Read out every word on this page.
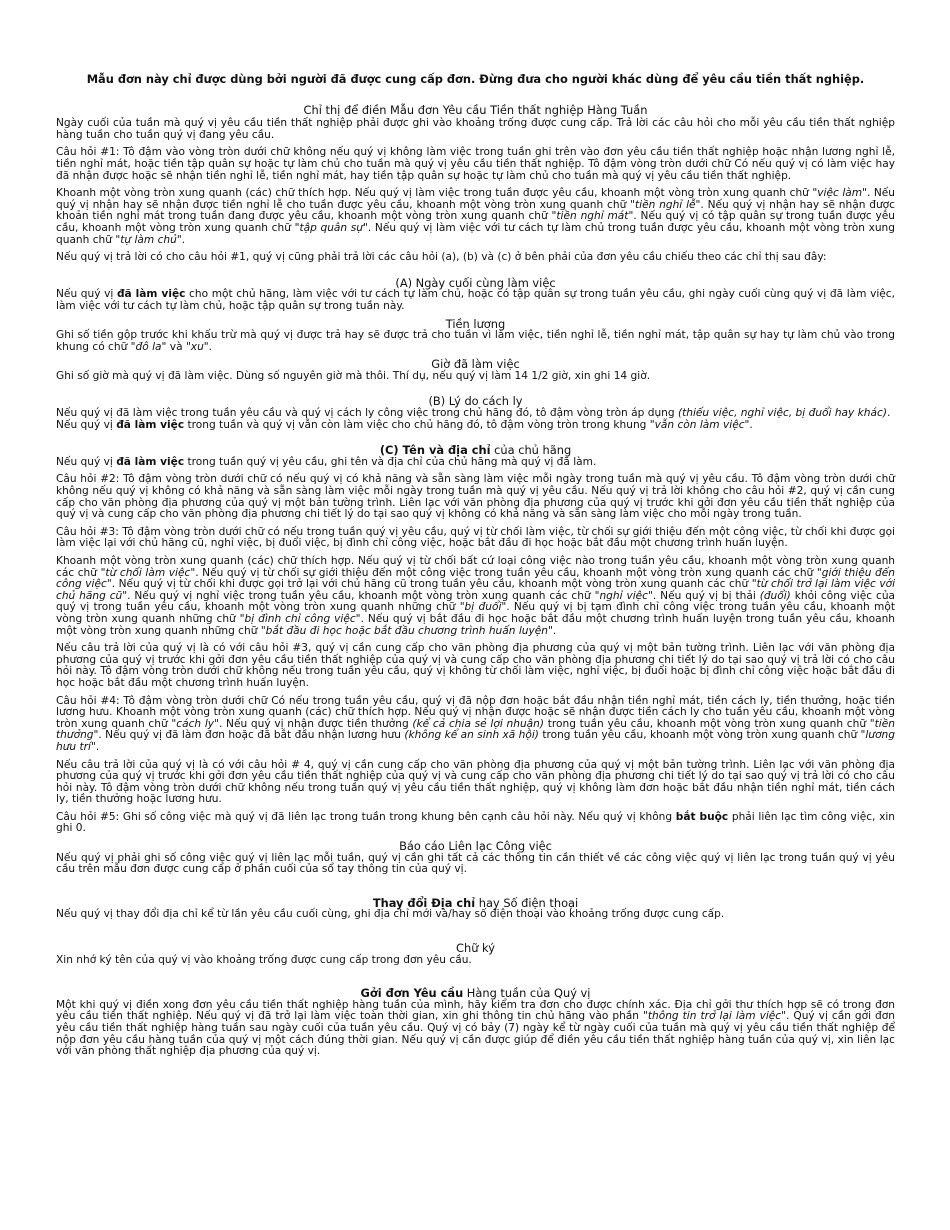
Mẫu đơn này chỉ được dùng bởi người đã được cung cấp đơn. Đừng đưa cho người khác dùng để yêu cầu tiền thất nghiệp.
Chỉ thị để điền Mẫu đơn Yêu cầu Tiền thất nghiệp Hàng Tuần

Ngày cuối của tuần mà quý vị yêu cầu tiền thất nghiệp phải được ghi vào khoảng trống được cung cấp. Trả lời các câu hỏi cho mỗi yêu cầu tiền thất nghiệp hàng tuần cho tuần quý vị đang yêu cầu.

Câu hỏi #1: Tô đậm vào vòng tròn dưới chữ không nếu quý vị không làm việc trong tuần ghi trên vào đơn yêu cầu tiền thất nghiệp hoặc nhận lương nghỉ lễ, tiền nghỉ mát, hoặc tiền tập quân sự hoặc tự làm chủ cho tuần mà quý vị yêu cầu tiền thất nghiệp. Tô đậm vòng tròn dưới chữ Có nếu quý vị có làm việc hay đã nhận được hoặc sẽ nhận tiền nghỉ lễ, tiền nghỉ mát, hay tiền tập quân sự hoặc tự làm chủ cho tuần mà quý vị yêu cầu tiền thất nghiệp.

Khoanh một vòng tròn xung quanh (các) chữ thích hợp. Nếu quý vị làm việc trong tuần được yêu cầu, khoanh một vòng tròn xung quanh chữ "việc làm". Nếu quý vị nhận hay sẽ nhận được tiền nghỉ lễ cho tuần được yêu cầu, khoanh một vòng tròn xung quanh chữ "tiền nghỉ lễ". Nếu quý vị nhận hay sẽ nhận được khoản tiền nghỉ mát trong tuần đang được yêu cầu, khoanh một vòng tròn xung quanh chữ "tiền nghỉ mát". Nếu quý vị có tập quân sự trong tuần được yêu cầu, khoanh một vòng tròn xung quanh chữ "tập quân sự". Nếu quý vị làm việc với tư cách tự làm chủ trong tuần được yêu cầu, khoanh một vòng tròn xung quanh chữ "tự làm chủ".

Nếu quý vị trả lời có cho câu hỏi #1, quý vị cũng phải trả lời các câu hỏi (a), (b) và (c) ở bên phải của đơn yêu cầu chiếu theo các chỉ thị sau đây:

(A) Ngày cuối cùng làm việc

Nếu quý vị đã làm việc cho một chủ hãng, làm việc với tư cách tự làm chủ, hoặc có tập quân sự trong tuần yêu cầu, ghi ngày cuối cùng quý vị đã làm việc, làm việc với tư cách tự làm chủ, hoặc tập quân sự trong tuần này.

Tiền lương

Ghi số tiền gộp trước khi khấu trừ mà quý vị được trả hay sẽ được trả cho tuần vì làm việc, tiền nghỉ lễ, tiền nghỉ mát, tập quân sự hay tự làm chủ vào trong khung có chữ "đô la" và "xu".

Giờ đã làm việc

Ghi số giờ mà quý vị đã làm việc. Dùng số nguyên giờ mà thôi. Thí dụ, nếu quý vị làm 14 1/2 giờ, xin ghi 14 giờ.

(B) Lý do cách ly

Nếu quý vị đã làm việc trong tuần yêu cầu và quý vị cách ly công việc trong chủ hãng đó, tô đậm vòng tròn áp dụng (thiếu việc, nghỉ việc, bị đuổi hay khác).
Nếu quý vị đã làm việc trong tuần và quý vị vẫn còn làm việc cho chủ hãng đó, tô đậm vòng tròn trong khung "vẫn còn làm việc".

(C) Tên và địa chỉ của chủ hãng

Nếu quý vị đã làm việc trong tuần quý vị yêu cầu, ghi tên và địa chỉ của chủ hãng mà quý vị đã làm.

Câu hỏi #2: Tô đậm vòng tròn dưới chữ có nếu quý vị có khả năng và sẵn sàng làm việc mỗi ngày trong tuần mà quý vị yêu cầu. Tô đậm vòng tròn dưới chữ không nếu quý vị không có khả năng và sẵn sàng làm việc mỗi ngày trong tuần mà quý vị yêu cầu. Nếu quý vị trả lời không cho câu hỏi #2, quý vị cần cung cấp cho văn phòng địa phương của quý vị một bản tường trình. Liên lạc với văn phòng địa phương của quý vị trước khi gởi đơn yêu cầu tiền thất nghiệp của quý vị và cung cấp cho văn phòng địa phương chi tiết lý do tại sao quý vị không có khả năng và sẵn sàng làm việc cho mỗi ngày trong tuần.

Câu hỏi #3: Tô đậm vòng tròn dưới chữ có nếu trong tuần quý vị yêu cầu, quý vị từ chối làm việc, từ chối sự giới thiệu đến một công việc, từ chối khi được gọi làm việc lại với chủ hãng cũ, nghỉ việc, bị đuổi việc, bị đình chỉ công việc, hoặc bắt đầu đi học hoặc bắt đầu một chương trình huấn luyện.

Khoanh một vòng tròn xung quanh (các) chữ thích hợp. Nếu quý vị từ chối bất cứ loại công việc nào trong tuần yêu cầu, khoanh một vòng tròn xung quanh các chữ "từ chối làm việc". Nếu quý vị từ chối sự giới thiệu đến một công việc trong tuần yêu cầu, khoanh một vòng tròn xung quanh các chữ "giới thiệu đến công việc". Nếu quý vị từ chối khi được gọi trở lại với chủ hãng cũ trong tuần yêu cầu, khoanh một vòng tròn xung quanh các chữ "từ chối trở lại làm việc với chủ hãng cũ". Nếu quý vị nghỉ việc trong tuần yêu cầu, khoanh một vòng tròn xung quanh các chữ "nghỉ việc". Nếu quý vị bị thải (đuổi) khỏi công việc của quý vị trong tuần yêu cầu, khoanh một vòng tròn xung quanh những chữ "bị đuổi". Nếu quý vị bị tạm đình chỉ công việc trong tuần yêu cầu, khoanh một vòng tròn xung quanh những chữ "bị đình chỉ công việc". Nếu quý vị bắt đầu đi học hoặc bắt đầu một chương trình huấn luyện trong tuần yêu cầu, khoanh một vòng tròn xung quanh những chữ "bắt đầu đi học hoặc bắt đầu chương trình huấn luyện".

Nếu câu trả lời của quý vị là có với câu hỏi #3, quý vị cần cung cấp cho văn phòng địa phương của quý vị một bản tường trình. Liên lạc với văn phòng địa phương của quý vị trước khi gởi đơn yêu cầu tiền thất nghiệp của quý vị và cung cấp cho văn phòng địa phương chi tiết lý do tại sao quý vị trả lời có cho câu hỏi này. Tô đậm vòng tròn dưới chữ không nếu trong tuần yêu cầu, quý vị không từ chối làm việc, nghỉ việc, bị đuổi hoặc bị đình chỉ công việc hoặc bắt đầu đi học hoặc bắt đầu một chương trình huấn luyện.

Câu hỏi #4: Tô đậm vòng tròn dưới chữ Có nếu trong tuần yêu cầu, quý vị đã nộp đơn hoặc bắt đầu nhận tiền nghỉ mát, tiền cách ly, tiền thưởng, hoặc tiền lương hưu. Khoanh một vòng tròn xung quanh (các) chữ thích hợp. Nếu quý vị nhận được hoặc sẽ nhận được tiền cách ly cho tuần yêu cầu, khoanh một vòng tròn xung quanh chữ "cách ly". Nếu quý vị nhận được tiền thưởng (kể cả chia sẻ lợi nhuận) trong tuần yêu cầu, khoanh một vòng tròn xung quanh chữ "tiền thưởng". Nếu quý vị đã làm đơn hoặc đã bắt đầu nhận lương hưu (không kể an sinh xã hội) trong tuần yêu cầu, khoanh một vòng tròn xung quanh chữ "lương hưu trí".

Nếu câu trả lời của quý vị là có với câu hỏi # 4, quý vị cần cung cấp cho văn phòng địa phương của quý vị một bản tường trình. Liên lạc với văn phòng địa phương của quý vị trước khi gởi đơn yêu cầu tiền thất nghiệp của quý vị và cung cấp cho văn phòng địa phương chi tiết lý do tại sao quý vị trả lời có cho câu hỏi này. Tô đậm vòng tròn dưới chữ không nếu trong tuần quý vị yêu cầu tiền thất nghiệp, quý vị không làm đơn hoặc bắt đầu nhận tiền nghỉ mát, tiền cách ly, tiền thưởng hoặc lương hưu.

Câu hỏi #5: Ghi số công việc mà quý vị đã liên lạc trong tuần trong khung bên cạnh câu hỏi này. Nếu quý vị không bắt buộc phải liên lạc tìm công việc, xin ghi 0.

Báo cáo Liên lạc Công việc

Nếu quý vị phải ghi số công việc quý vị liên lạc mỗi tuần, quý vị cần ghi tất cả các thông tin cần thiết về các công việc quý vị liên lạc trong tuần quý vị yêu cầu trên mẫu đơn được cung cấp ở phần cuối của sổ tay thông tin của quý vị.

Thay đổi Địa chỉ hay Số điện thoại

Nếu quý vị thay đổi địa chỉ kể từ lần yêu cầu cuối cùng, ghi địa chỉ mới và/hay số điện thoại vào khoảng trống được cung cấp.

Chữ ký

Xin nhớ ký tên của quý vị vào khoảng trống được cung cấp trong đơn yêu cầu.

Gởi đơn Yêu cầu Hàng tuần của Quý vị

Một khi quý vị điền xong đơn yêu cầu tiền thất nghiệp hàng tuần của mình, hãy kiểm tra đơn cho được chính xác. Địa chỉ gởi thư thích hợp sẽ có trong đơn yêu cầu tiền thất nghiệp. Nếu quý vị đã trở lại làm việc toàn thời gian, xin ghi thông tin chủ hãng vào phần "thông tin trở lại làm việc". Quý vị cần gởi đơn yêu cầu tiền thất nghiệp hàng tuần sau ngày cuối của tuần yêu cầu. Quý vị có bảy (7) ngày kể từ ngày cuối của tuần mà quý vị yêu cầu tiền thất nghiệp để nộp đơn yêu cầu hàng tuần của quý vị một cách đúng thời gian. Nếu quý vị cần được giúp để điền yêu cầu tiền thất nghiệp hàng tuần của quý vị, xin liên lạc với văn phòng thất nghiệp địa phương của quý vị.
